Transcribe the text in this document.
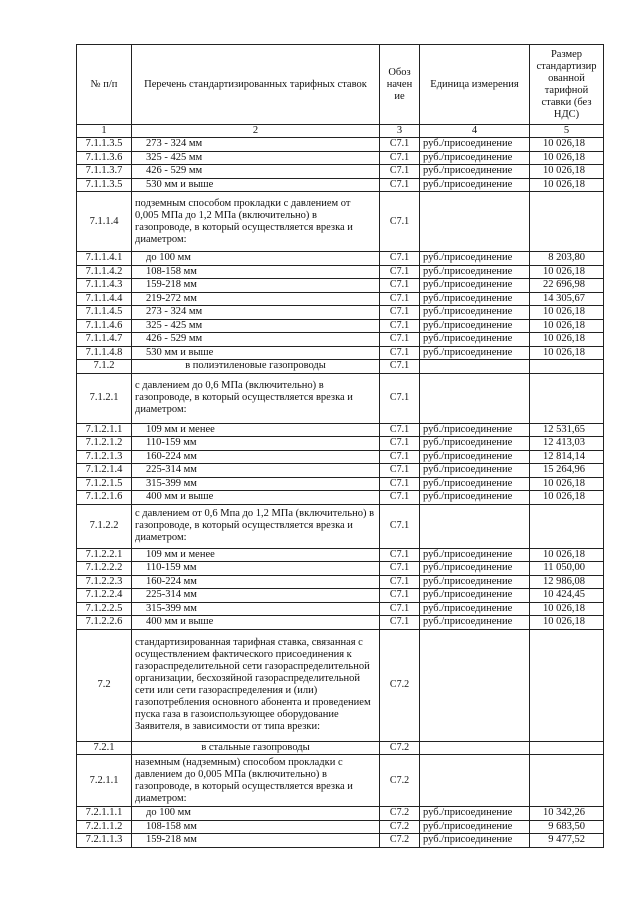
№ п/п	Перечень стандартизированных тарифных ставок	Обоз начен ие	Единица измерения	Размер стандартизир ованной тарифной ставки (без НДС)
1	2	3	4	5
7.1.1.3.5	273 - 324 мм	С7.1	руб./присоединение	10 026,18
7.1.1.3.6	325 - 425 мм	С7.1	руб./присоединение	10 026,18
7.1.1.3.7	426 - 529 мм	С7.1	руб./присоединение	10 026,18
7.1.1.3.5	530 мм и выше	С7.1	руб./присоединение	10 026,18
7.1.1.4	подземным способом прокладки с давлением от 0,005 МПа до 1,2 МПа (включительно) в газопроводе, в который осуществляется врезка и диаметром:	С7.1		
7.1.1.4.1	до 100 мм	С7.1	руб./присоединение	8 203,80
7.1.1.4.2	108-158 мм	С7.1	руб./присоединение	10 026,18
7.1.1.4.3	159-218 мм	С7.1	руб./присоединение	22 696,98
7.1.1.4.4	219-272 мм	С7.1	руб./присоединение	14 305,67
7.1.1.4.5	273 - 324 мм	С7.1	руб./присоединение	10 026,18
7.1.1.4.6	325 - 425 мм	С7.1	руб./присоединение	10 026,18
7.1.1.4.7	426 - 529 мм	С7.1	руб./присоединение	10 026,18
7.1.1.4.8	530 мм и выше	С7.1	руб./присоединение	10 026,18
7.1.2	в полиэтиленовые газопроводы	С7.1		
7.1.2.1	с давлением до 0,6 МПа (включительно) в газопроводе, в который осуществляется врезка и диаметром:	С7.1		
7.1.2.1.1	109 мм и менее	С7.1	руб./присоединение	12 531,65
7.1.2.1.2	110-159 мм	С7.1	руб./присоединение	12 413,03
7.1.2.1.3	160-224 мм	С7.1	руб./присоединение	12 814,14
7.1.2.1.4	225-314 мм	С7.1	руб./присоединение	15 264,96
7.1.2.1.5	315-399 мм	С7.1	руб./присоединение	10 026,18
7.1.2.1.6	400 мм и выше	С7.1	руб./присоединение	10 026,18
7.1.2.2	с давлением от 0,6 Мпа до 1,2 МПа (включительно) в газопроводе, в который осуществляется врезка и диаметром:	С7.1		
7.1.2.2.1	109 мм и менее	С7.1	руб./присоединение	10 026,18
7.1.2.2.2	110-159 мм	С7.1	руб./присоединение	11 050,00
7.1.2.2.3	160-224 мм	С7.1	руб./присоединение	12 986,08
7.1.2.2.4	225-314 мм	С7.1	руб./присоединение	10 424,45
7.1.2.2.5	315-399 мм	С7.1	руб./присоединение	10 026,18
7.1.2.2.6	400 мм и выше	С7.1	руб./присоединение	10 026,18
7.2	стандартизированная тарифная ставка, связанная с осуществлением фактического присоединения к газораспределительной сети газораспределительной организации, бесхозяйной газораспределительной сети или сети газораспределения и (или) газопотребления основного абонента и проведением пуска газа в газоиспользующее оборудование Заявителя, в зависимости от типа врезки:	С7.2		
7.2.1	в стальные газопроводы	С7.2		
7.2.1.1	наземным (надземным) способом прокладки с давлением до 0,005 МПа (включительно) в газопроводе, в который осуществляется врезка и диаметром:	С7.2		
7.2.1.1.1	до 100 мм	С7.2	руб./присоединение	10 342,26
7.2.1.1.2	108-158 мм	С7.2	руб./присоединение	9 683,50
7.2.1.1.3	159-218 мм	С7.2	руб./присоединение	9 477,52
